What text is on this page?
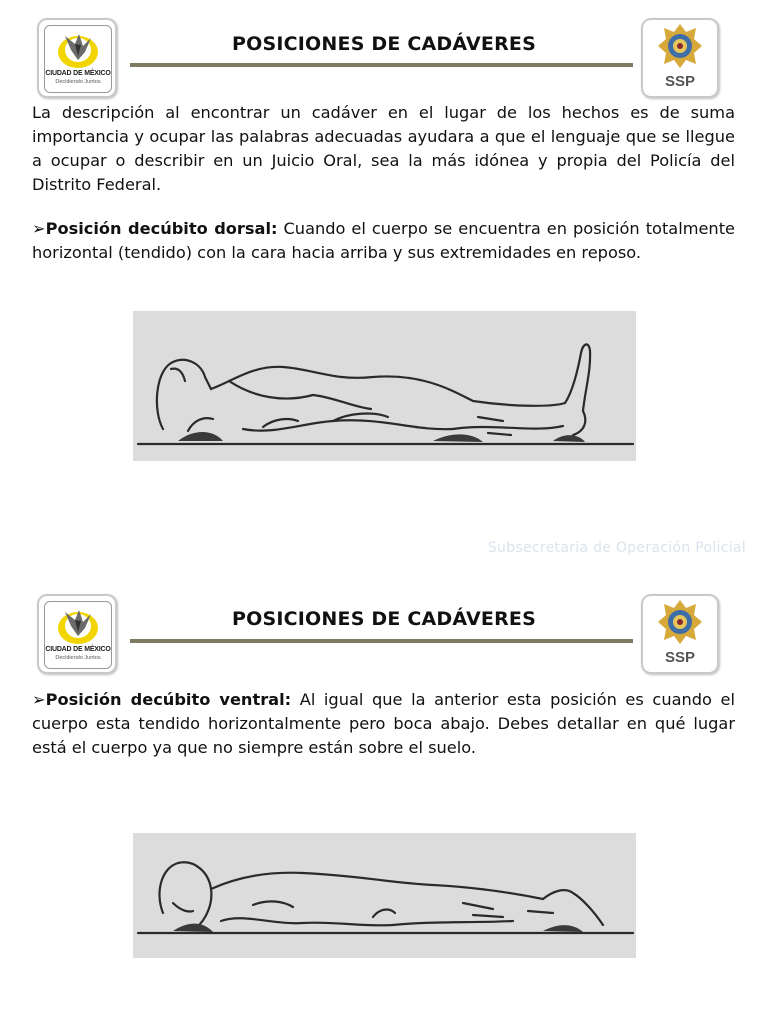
CIUDAD DE MÉXICO
Decidiendo Juntos
POSICIONES DE CADÁVERES
SSP

La descripción al encontrar un cadáver en el lugar de los hechos es de suma importancia y ocupar las palabras adecuadas ayudara a que el lenguaje que se llegue a ocupar o describir en un Juicio Oral, sea la más idónea y propia del Policía del Distrito Federal.

➢Posición decúbito dorsal: Cuando el cuerpo se encuentra en posición totalmente horizontal (tendido) con la cara hacia arriba y sus extremidades en reposo.

Subsecretaria de Operación Policial
CIUDAD DE MÉXICO
Decidiendo Juntos
POSICIONES DE CADÁVERES
SSP

➢Posición decúbito ventral: Al igual que la anterior esta posición es cuando el cuerpo esta tendido horizontalmente pero boca abajo. Debes detallar en qué lugar está el cuerpo ya que no siempre están sobre el suelo.
